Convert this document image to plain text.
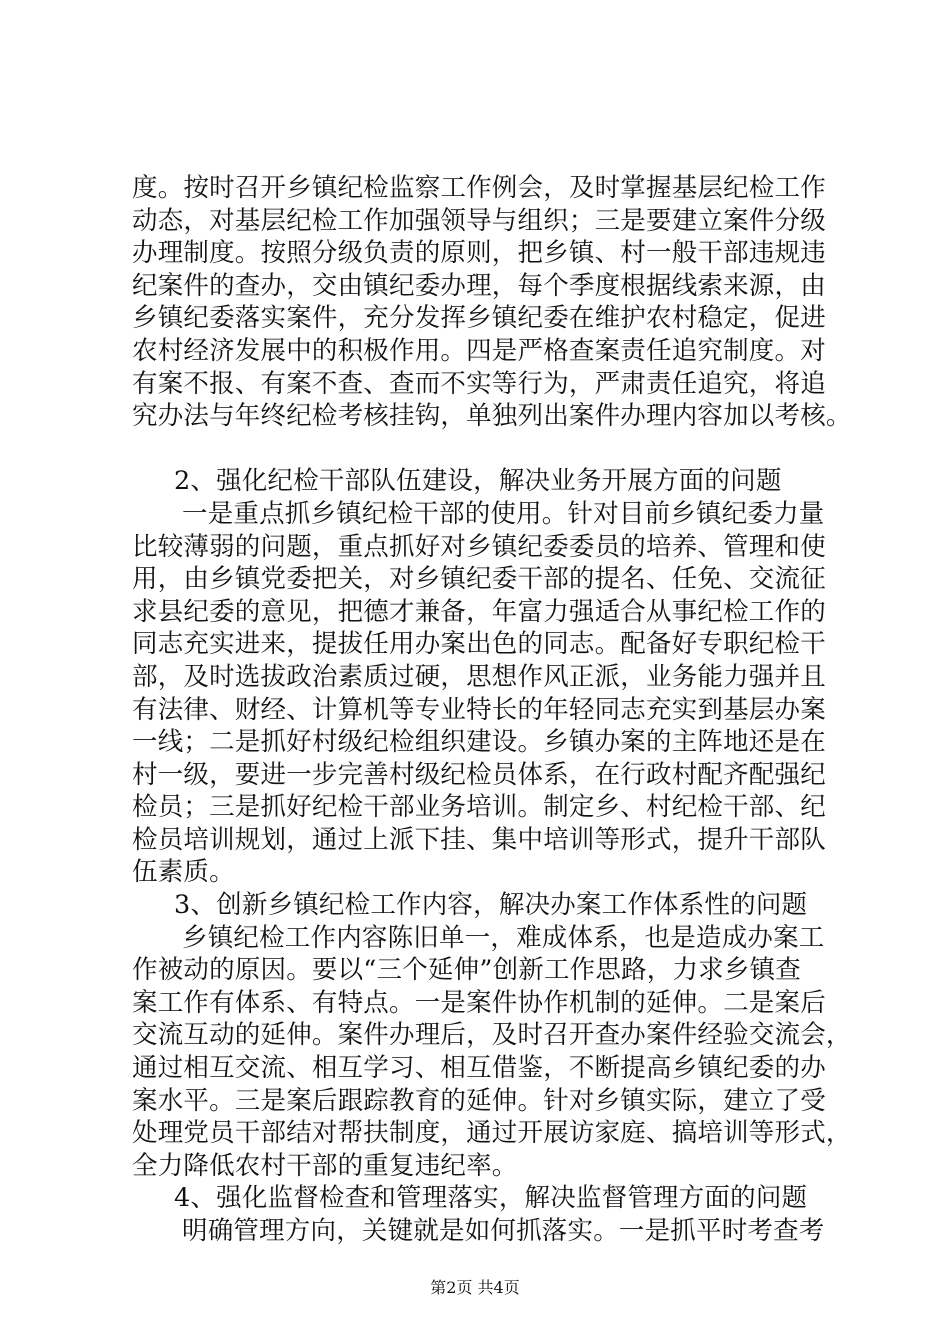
度。按时召开乡镇纪检监察工作例会，及时掌握基层纪检工作
动态，对基层纪检工作加强领导与组织；三是要建立案件分级
办理制度。按照分级负责的原则，把乡镇、村一般干部违规违
纪案件的查办，交由镇纪委办理，每个季度根据线索来源，由
乡镇纪委落实案件，充分发挥乡镇纪委在维护农村稳定，促进
农村经济发展中的积极作用。四是严格查案责任追究制度。对
有案不报、有案不查、查而不实等行为，严肃责任追究，将追
究办法与年终纪检考核挂钩，单独列出案件办理内容加以考核。
2、强化纪检干部队伍建设，解决业务开展方面的问题
一是重点抓乡镇纪检干部的使用。针对目前乡镇纪委力量
比较薄弱的问题，重点抓好对乡镇纪委委员的培养、管理和使
用，由乡镇党委把关，对乡镇纪委干部的提名、任免、交流征
求县纪委的意见，把德才兼备，年富力强适合从事纪检工作的
同志充实进来，提拔任用办案出色的同志。配备好专职纪检干
部，及时选拔政治素质过硬，思想作风正派，业务能力强并且
有法律、财经、计算机等专业特长的年轻同志充实到基层办案
一线；二是抓好村级纪检组织建设。乡镇办案的主阵地还是在
村一级，要进一步完善村级纪检员体系，在行政村配齐配强纪
检员；三是抓好纪检干部业务培训。制定乡、村纪检干部、纪
检员培训规划，通过上派下挂、集中培训等形式，提升干部队
伍素质。
3、创新乡镇纪检工作内容，解决办案工作体系性的问题
乡镇纪检工作内容陈旧单一，难成体系，也是造成办案工
作被动的原因。要以“三个延伸”创新工作思路，力求乡镇查
案工作有体系、有特点。一是案件协作机制的延伸。二是案后
交流互动的延伸。案件办理后，及时召开查办案件经验交流会，
通过相互交流、相互学习、相互借鉴，不断提高乡镇纪委的办
案水平。三是案后跟踪教育的延伸。针对乡镇实际，建立了受
处理党员干部结对帮扶制度，通过开展访家庭、搞培训等形式，
全力降低农村干部的重复违纪率。
4、强化监督检查和管理落实，解决监督管理方面的问题
明确管理方向，关键就是如何抓落实。一是抓平时考查考
第2页 共4页
